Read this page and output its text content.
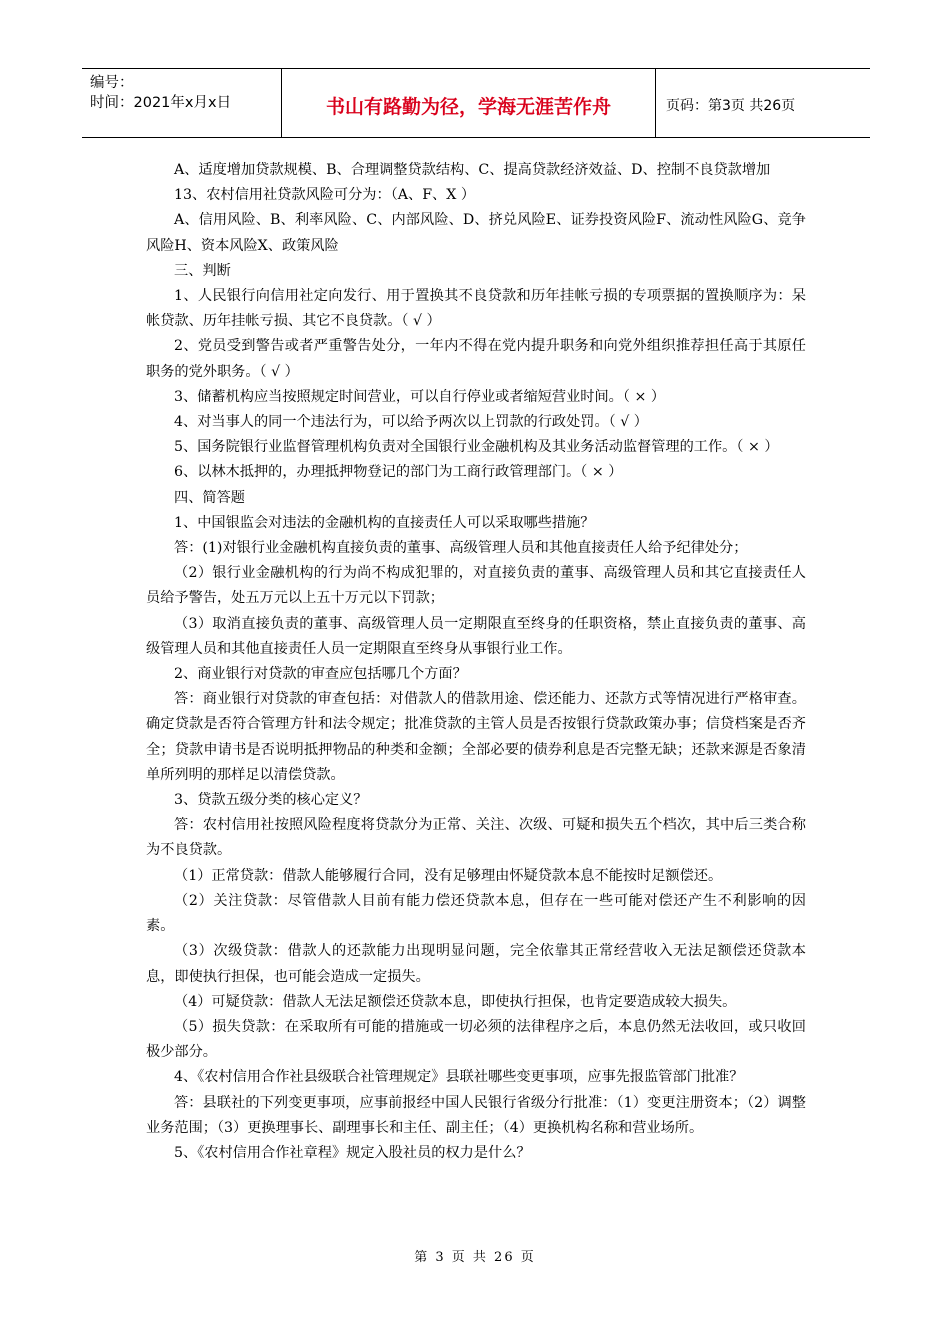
编号：
时间：2021年x月x日	书山有路勤为径，学海无涯苦作舟	页码：第3页 共26页

A、适度增加贷款规模、B、合理调整贷款结构、C、提高贷款经济效益、D、控制不良贷款增加

13、农村信用社贷款风险可分为：（A、F、X ）

A、信用风险、B、利率风险、C、内部风险、D、挤兑风险E、证券投资风险F、流动性风险G、竞争风险H、资本风险X、政策风险

三、判断

1、人民银行向信用社定向发行、用于置换其不良贷款和历年挂帐亏损的专项票据的置换顺序为：呆帐贷款、历年挂帐亏损、其它不良贷款。（ √ ）

2、党员受到警告或者严重警告处分，一年内不得在党内提升职务和向党外组织推荐担任高于其原任职务的党外职务。（ √ ）

3、储蓄机构应当按照规定时间营业，可以自行停业或者缩短营业时间。（ × ）

4、对当事人的同一个违法行为，可以给予两次以上罚款的行政处罚。（ √ ）

5、国务院银行业监督管理机构负责对全国银行业金融机构及其业务活动监督管理的工作。（ × ）

6、以林木抵押的，办理抵押物登记的部门为工商行政管理部门。（ × ）

四、简答题

1、中国银监会对违法的金融机构的直接责任人可以采取哪些措施？

答：(1)对银行业金融机构直接负责的董事、高级管理人员和其他直接责任人给予纪律处分；

（2）银行业金融机构的行为尚不构成犯罪的，对直接负责的董事、高级管理人员和其它直接责任人员给予警告，处五万元以上五十万元以下罚款；

（3）取消直接负责的董事、高级管理人员一定期限直至终身的任职资格，禁止直接负责的董事、高级管理人员和其他直接责任人员一定期限直至终身从事银行业工作。

2、商业银行对贷款的审查应包括哪几个方面？

答：商业银行对贷款的审查包括：对借款人的借款用途、偿还能力、还款方式等情况进行严格审查。确定贷款是否符合管理方针和法令规定；批准贷款的主管人员是否按银行贷款政策办事；信贷档案是否齐全；贷款申请书是否说明抵押物品的种类和金额；全部必要的债券利息是否完整无缺；还款来源是否象清单所列明的那样足以清偿贷款。

3、贷款五级分类的核心定义？

答：农村信用社按照风险程度将贷款分为正常、关注、次级、可疑和损失五个档次，其中后三类合称为不良贷款。

（1）正常贷款：借款人能够履行合同，没有足够理由怀疑贷款本息不能按时足额偿还。

（2）关注贷款：尽管借款人目前有能力偿还贷款本息，但存在一些可能对偿还产生不利影响的因素。

（3）次级贷款：借款人的还款能力出现明显问题，完全依靠其正常经营收入无法足额偿还贷款本息，即使执行担保，也可能会造成一定损失。

（4）可疑贷款：借款人无法足额偿还贷款本息，即使执行担保，也肯定要造成较大损失。

（5）损失贷款：在采取所有可能的措施或一切必须的法律程序之后，本息仍然无法收回，或只收回极少部分。

4、《农村信用合作社县级联合社管理规定》县联社哪些变更事项，应事先报监管部门批准？

答：县联社的下列变更事项，应事前报经中国人民银行省级分行批准：（1）变更注册资本；（2）调整业务范围；（3）更换理事长、副理事长和主任、副主任；（4）更换机构名称和营业场所。

5、《农村信用合作社章程》规定入股社员的权力是什么？

第 3 页 共 26 页
